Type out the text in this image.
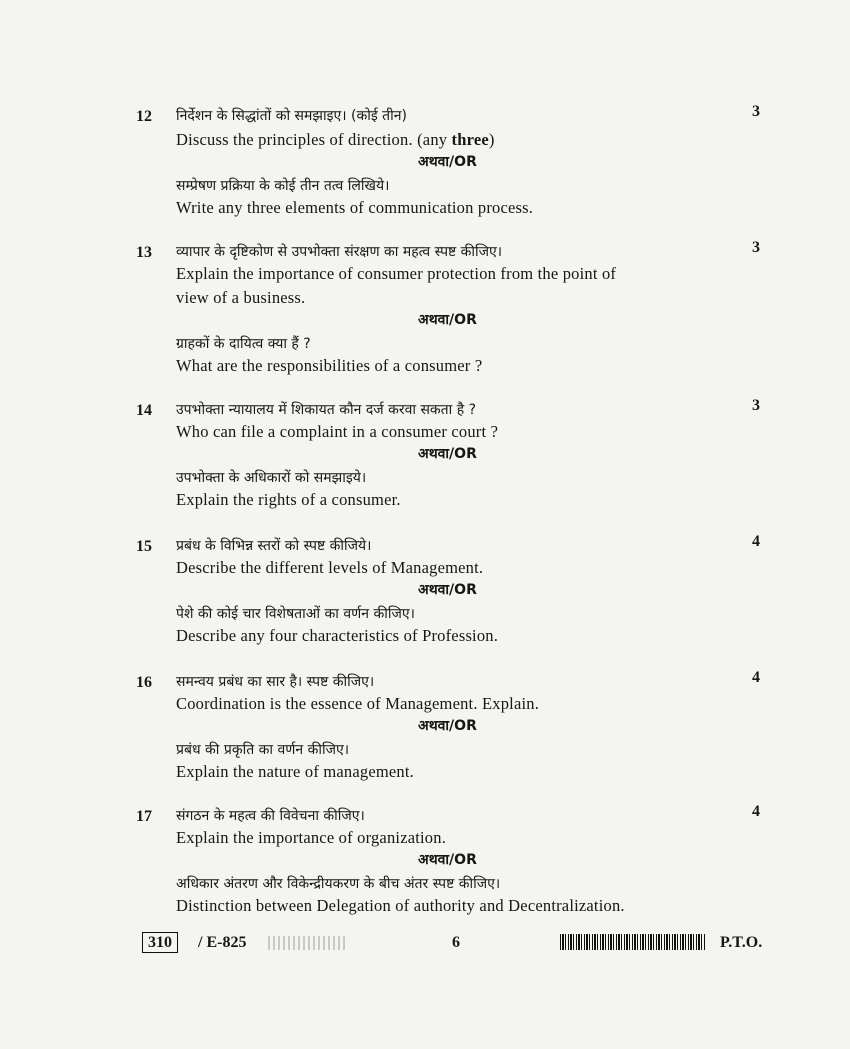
12	3
निर्देशन के सिद्धांतों को समझाइए। (कोई तीन)
Discuss the principles of direction. (any three)
अथवा/OR
सम्प्रेषण प्रक्रिया के कोई तीन तत्व लिखिये।
Write any three elements of communication process.
13	3
व्यापार के दृष्टिकोण से उपभोक्ता संरक्षण का महत्व स्पष्ट कीजिए।
Explain the importance of consumer protection from the point of
view of a business.
अथवा/OR
ग्राहकों के दायित्व क्या हैं ?
What are the responsibilities of a consumer ?
14	3
उपभोक्ता न्यायालय में शिकायत कौन दर्ज करवा सकता है ?
Who can file a complaint in a consumer court ?
अथवा/OR
उपभोक्ता के अधिकारों को समझाइये।
Explain the rights of a consumer.
15	4
प्रबंध के विभिन्न स्तरों को स्पष्ट कीजिये।
Describe the different levels of Management.
अथवा/OR
पेशे की कोई चार विशेषताओं का वर्णन कीजिए।
Describe any four characteristics of Profession.
16	4
समन्वय प्रबंध का सार है। स्पष्ट कीजिए।
Coordination is the essence of Management. Explain.
अथवा/OR
प्रबंध की प्रकृति का वर्णन कीजिए।
Explain the nature of management.
17	4
संगठन के महत्व की विवेचना कीजिए।
Explain the importance of organization.
अथवा/OR
अधिकार अंतरण और विकेन्द्रीयकरण के बीच अंतर स्पष्ट कीजिए।
Distinction between Delegation of authority and Decentralization.
310	/ E-825	6	P.T.O.
